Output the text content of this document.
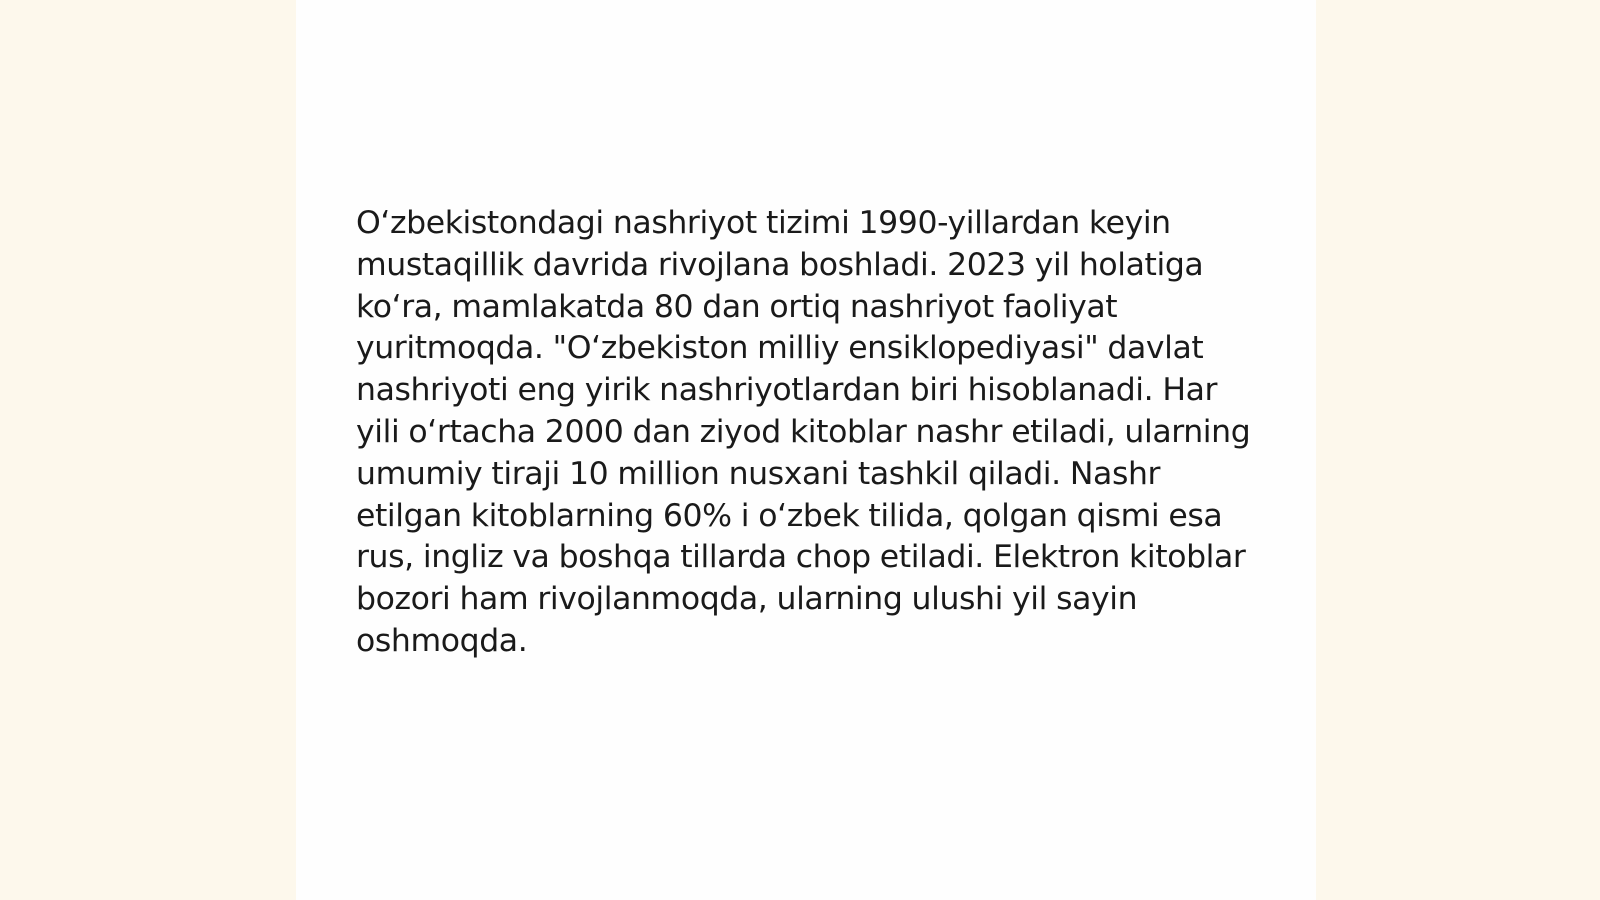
O‘zbekistondagi nashriyot tizimi 1990-yillardan keyin mustaqillik davrida rivojlana boshladi. 2023 yil holatiga ko‘ra, mamlakatda 80 dan ortiq nashriyot faoliyat yuritmoqda. "O‘zbekiston milliy ensiklopediyasi" davlat nashriyoti eng yirik nashriyotlardan biri hisoblanadi. Har yili o‘rtacha 2000 dan ziyod kitoblar nashr etiladi, ularning umumiy tiraji 10 million nusxani tashkil qiladi. Nashr etilgan kitoblarning 60% i o‘zbek tilida, qolgan qismi esa rus, ingliz va boshqa tillarda chop etiladi. Elektron kitoblar bozori ham rivojlanmoqda, ularning ulushi yil sayin oshmoqda.
